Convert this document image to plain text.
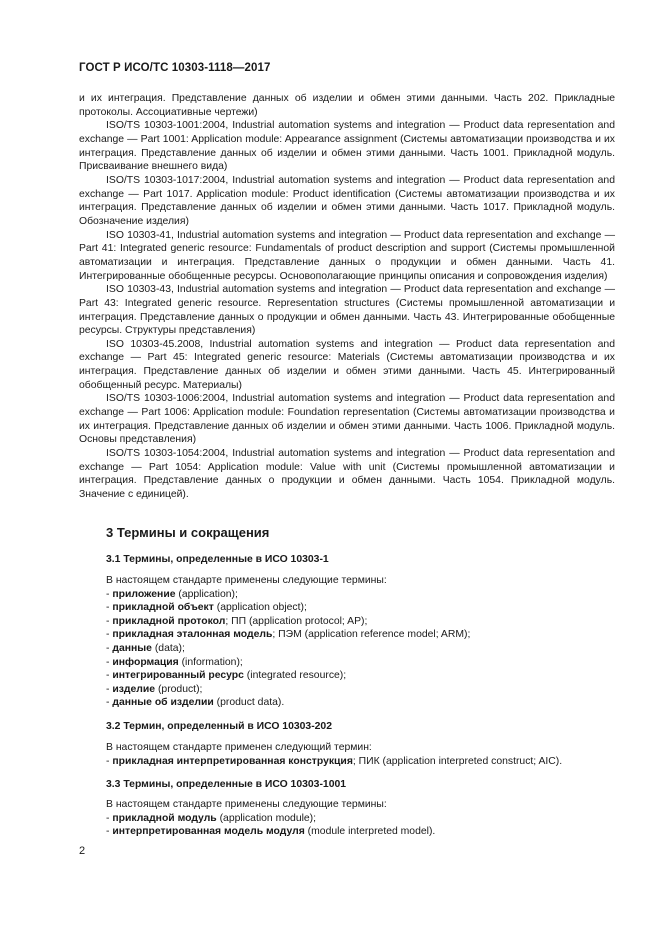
ГОСТ Р ИСО/ТС 10303-1118—2017

и их интеграция. Представление данных об изделии и обмен этими данными. Часть 202. Прикладные протоколы. Ассоциативные чертежи)

ISO/TS 10303-1001:2004, Industrial automation systems and integration — Product data representation and exchange — Part 1001: Application module: Appearance assignment (Системы автоматизации производства и их интеграция. Представление данных об изделии и обмен этими данными. Часть 1001. Прикладной модуль. Присваивание внешнего вида)

ISO/TS 10303-1017:2004, Industrial automation systems and integration — Product data representation and exchange — Part 1017. Application module: Product identification (Системы автоматизации производства и их интеграция. Представление данных об изделии и обмен этими данными. Часть 1017. Прикладной модуль. Обозначение изделия)

ISO 10303-41, Industrial automation systems and integration — Product data representation and exchange — Part 41: Integrated generic resource: Fundamentals of product description and support (Системы промышленной автоматизации и интеграция. Представление данных о продукции и обмен данными. Часть 41. Интегрированные обобщенные ресурсы. Основополагающие принципы описания и сопровождения изделия)

ISO 10303-43, Industrial automation systems and integration — Product data representation and exchange — Part 43: Integrated generic resource. Representation structures (Системы промышленной автоматизации и интеграция. Представление данных о продукции и обмен данными. Часть 43. Интегрированные обобщенные ресурсы. Структуры представления)

ISO 10303-45.2008, Industrial automation systems and integration — Product data representation and exchange — Part 45: Integrated generic resource: Materials (Системы автоматизации производства и их интеграция. Представление данных об изделии и обмен этими данными. Часть 45. Интегрированный обобщенный ресурс. Материалы)

ISO/TS 10303-1006:2004, Industrial automation systems and integration — Product data representation and exchange — Part 1006: Application module: Foundation representation (Системы автоматизации производства и их интеграция. Представление данных об изделии и обмен этими данными. Часть 1006. Прикладной модуль. Основы представления)

ISO/TS 10303-1054:2004, Industrial automation systems and integration — Product data representation and exchange — Part 1054: Application module: Value with unit (Системы промышленной автоматизации и интеграция. Представление данных о продукции и обмен данными. Часть 1054. Прикладной модуль. Значение с единицей).

3 Термины и сокращения
3.1 Термины, определенные в ИСО 10303-1
В настоящем стандарте применены следующие термины:
- приложение (application);
- прикладной объект (application object);
- прикладной протокол; ПП (application protocol; AP);
- прикладная эталонная модель; ПЭМ (application reference model; ARM);
- данные (data);
- информация (information);
- интегрированный ресурс (integrated resource);
- изделие (product);
- данные об изделии (product data).
3.2 Термин, определенный в ИСО 10303-202
В настоящем стандарте применен следующий термин:
- прикладная интерпретированная конструкция; ПИК (application interpreted construct; AIC).
3.3 Термины, определенные в ИСО 10303-1001
В настоящем стандарте применены следующие термины:
- прикладной модуль (application module);
- интерпретированная модель модуля (module interpreted model).
2
